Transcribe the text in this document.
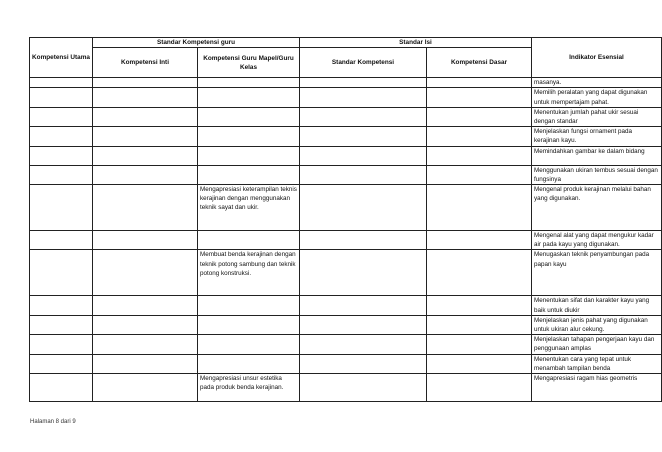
Kompetensi Utama	Standar Kompetensi guru		Standar Isi		Indikator Esensial
	Kompetensi Inti	Kompetensi Guru Mapel/Guru Kelas	Standar Kompetensi	Kompetensi Dasar	
					masanya.
					Memilih peralatan yang dapat digunakan untuk mempertajam pahat.
					Menentukan jumlah pahat ukir sesuai dengan standar
					Menjelaskan fungsi ornament pada kerajinan kayu.
					Memindahkan gambar ke dalam bidang
					Menggunakan ukiran tembus sesuai dengan fungsinya
		Mengapresiasi keterampilan teknis kerajinan dengan menggunakan teknik sayat dan ukir.			Mengenal produk kerajinan melalui bahan yang digunakan.
					Mengenal alat yang dapat mengukur kadar air pada kayu yang digunakan.
		Membuat benda kerajinan dengan teknik potong sambung dan teknik potong konstruksi.			Menugaskan teknik penyambungan pada papan kayu
					Menentukan sifat dan karakter kayu yang baik untuk diukir
					Menjelaskan jenis pahat yang digunakan untuk ukiran alur cekung.
					Menjelaskan tahapan pengerjaan kayu dan penggunaan amplas
					Menentukan cara yang tepat untuk menambah tampilan benda
		Mengapresiasi unsur estetika pada produk benda kerajinan.			Mengapresiasi ragam hias geometris
Halaman 8 dari 9
